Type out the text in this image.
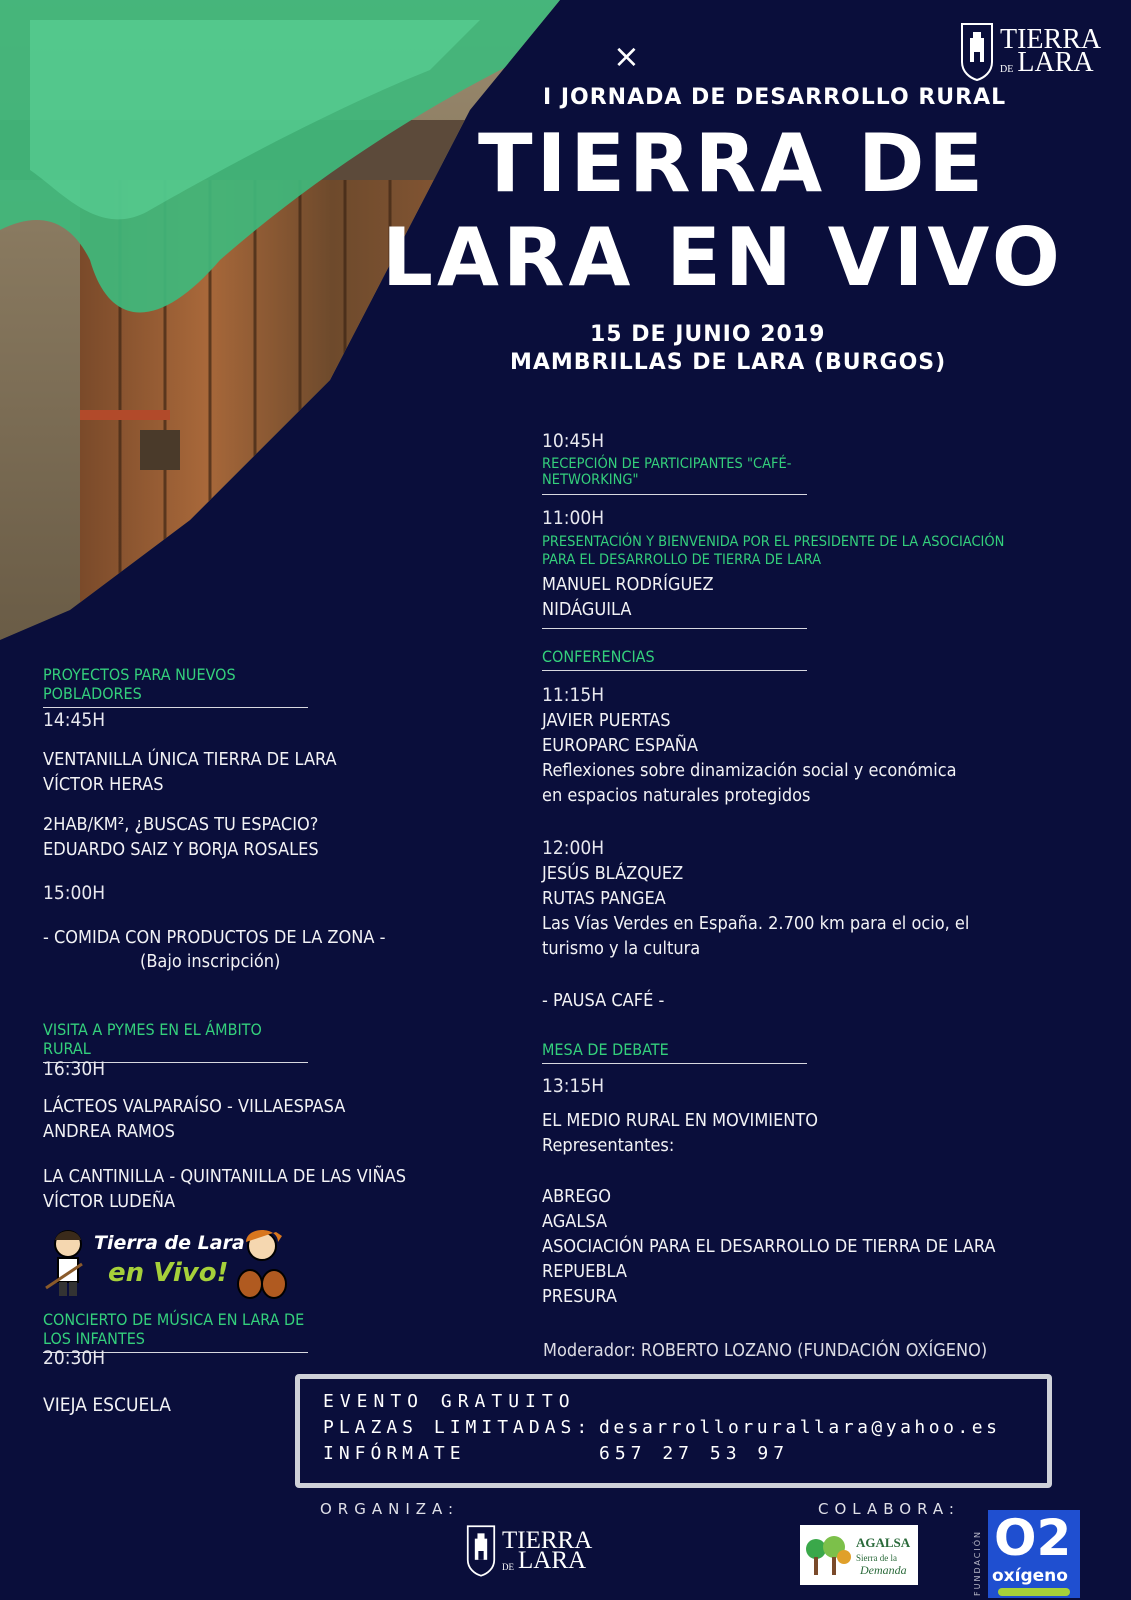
×
I JORNADA DE DESARROLLO RURAL
TIERRA DE
LARA EN VIVO
15 DE JUNIO 2019
MAMBRILLAS DE LARA (BURGOS)
TIERRA
DE LARA
10:45H
RECEPCIÓN DE PARTICIPANTES "CAFÉ-NETWORKING"
11:00H
PRESENTACIÓN Y BIENVENIDA POR EL PRESIDENTE DE LA ASOCIACIÓN
PARA EL DESARROLLO DE TIERRA DE LARA
MANUEL RODRÍGUEZ NIDÁGUILA
CONFERENCIAS
11:15H
JAVIER PUERTAS
EUROPARC ESPAÑA
Reflexiones sobre dinamización social y económica
en espacios naturales protegidos
12:00H
JESÚS BLÁZQUEZ
RUTAS PANGEA
Las Vías Verdes en España. 2.700 km para el ocio, el
turismo y la cultura
- PAUSA CAFÉ -
MESA DE DEBATE
13:15H
EL MEDIO RURAL EN MOVIMIENTO
Representantes:
ABREGO
AGALSA
ASOCIACIÓN PARA EL DESARROLLO DE TIERRA DE LARA
REPUEBLA
PRESURA
Moderador: ROBERTO LOZANO (FUNDACIÓN OXÍGENO)
PROYECTOS PARA NUEVOS POBLADORES
14:45H
VENTANILLA ÚNICA TIERRA DE LARA
VÍCTOR HERAS
2HAB/KM², ¿BUSCAS TU ESPACIO?
EDUARDO SAIZ Y BORJA ROSALES
15:00H
- COMIDA CON PRODUCTOS DE LA ZONA -
(Bajo inscripción)
VISITA A PYMES EN EL ÁMBITO RURAL
16:30H
LÁCTEOS VALPARAÍSO - VILLAESPASA
ANDREA RAMOS
LA CANTINILLA - QUINTANILLA DE LAS VIÑAS
VÍCTOR LUDEÑA
Tierra de Lara
en Vivo!
CONCIERTO DE MÚSICA EN LARA DE LOS INFANTES
20:30H
VIEJA ESCUELA	EVENTO GRATUITO
PLAZAS LIMITADAS: desarrollorurallara@yahoo.es
INFÓRMATE	657 27 53 97
ORGANIZA:	COLABORA:
TIERRA
DE LARA
AGALSA
Sierra de la
Demanda	FUNDACIÓN O2
oxígeno
